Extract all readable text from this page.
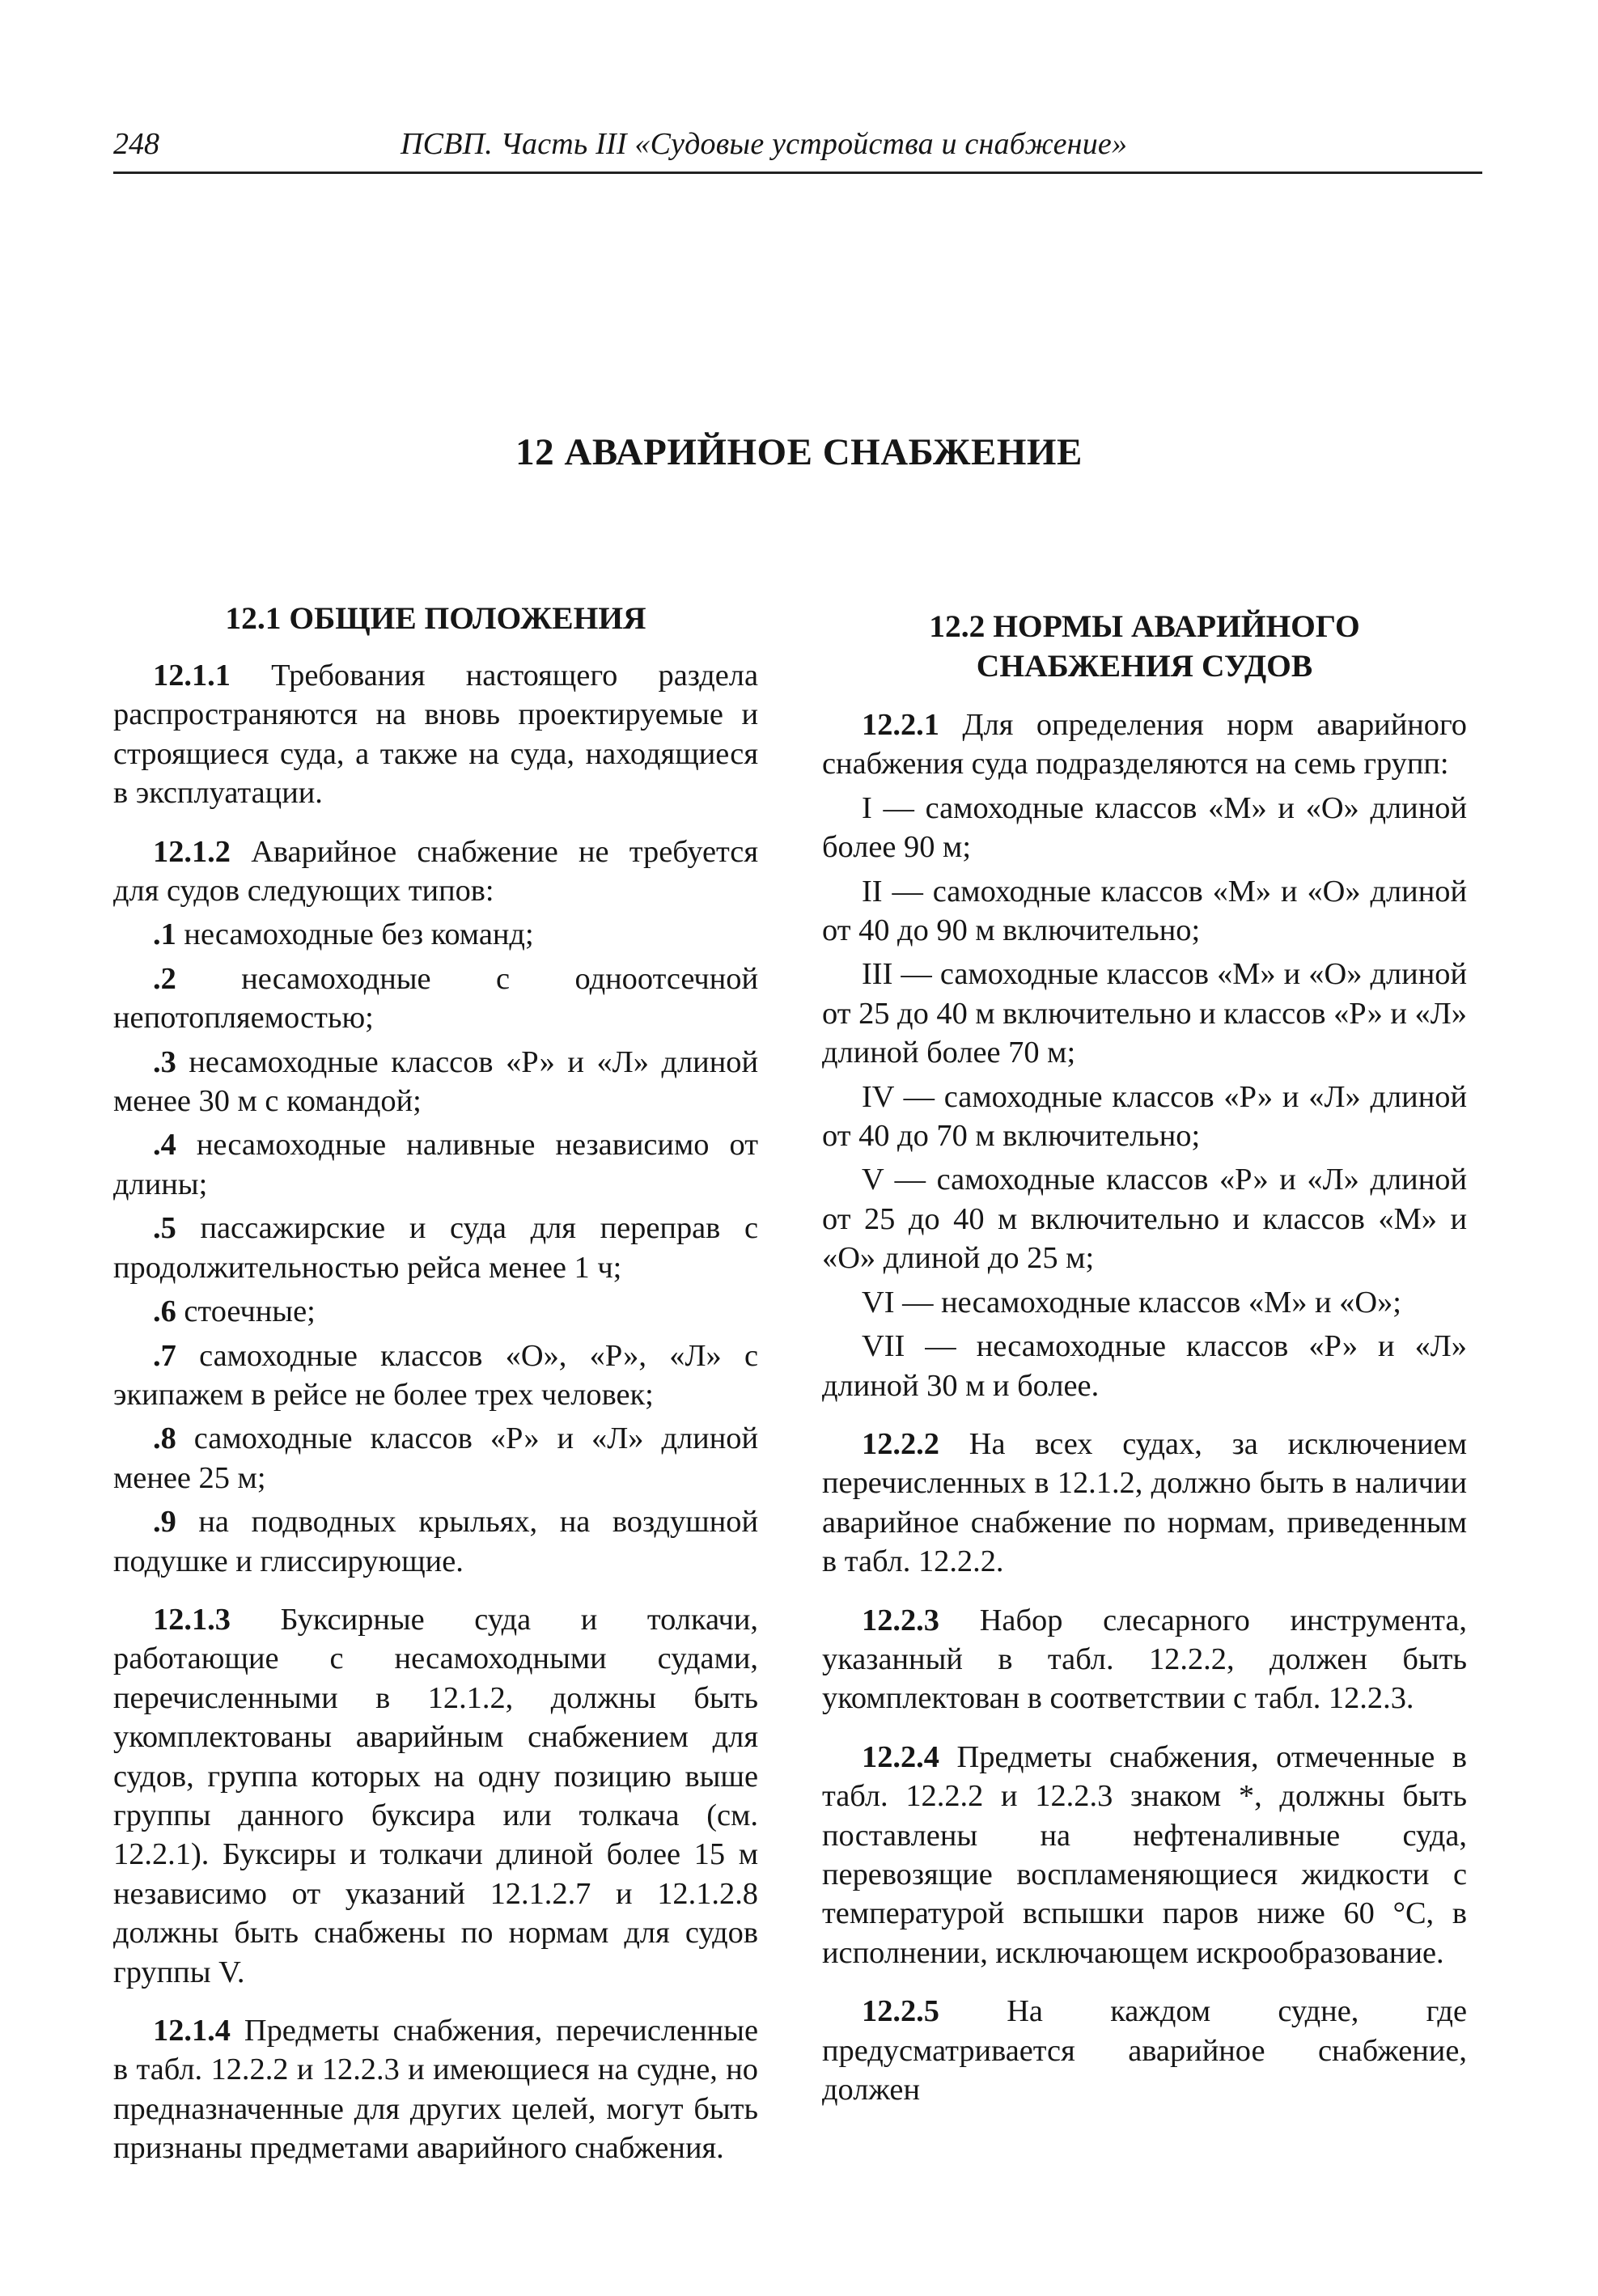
248	ПСВП. Часть III «Судовые устройства и снабжение»
12 АВАРИЙНОЕ СНАБЖЕНИЕ
12.1 ОБЩИЕ ПОЛОЖЕНИЯ

12.1.1 Требования настоящего раздела распространяются на вновь проектируемые и строящиеся суда, а также на суда, находящиеся в эксплуатации.

12.1.2 Аварийное снабжение не требуется для судов следующих типов:

.1 несамоходные без команд;

.2 несамоходные с одноотсечной непотопляемостью;

.3 несамоходные классов «Р» и «Л» длиной менее 30 м с командой;

.4 несамоходные наливные независимо от длины;

.5 пассажирские и суда для переправ с продолжительностью рейса менее 1 ч;

.6 стоечные;

.7 самоходные классов «О», «Р», «Л» с экипажем в рейсе не более трех человек;

.8 самоходные классов «Р» и «Л» длиной менее 25 м;

.9 на подводных крыльях, на воздушной подушке и глиссирующие.

12.1.3 Буксирные суда и толкачи, работающие с несамоходными судами, перечисленными в 12.1.2, должны быть укомплектованы аварийным снабжением для судов, группа которых на одну позицию выше группы данного буксира или толкача (см. 12.2.1). Буксиры и толкачи длиной более 15 м независимо от указаний 12.1.2.7 и 12.1.2.8 должны быть снабжены по нормам для судов группы V.

12.1.4 Предметы снабжения, перечисленные в табл. 12.2.2 и 12.2.3 и имеющиеся на судне, но предназначенные для других целей, могут быть признаны предметами аварийного снабжения.

12.2 НОРМЫ АВАРИЙНОГО
СНАБЖЕНИЯ СУДОВ

12.2.1 Для определения норм аварийного снабжения суда подразделяются на семь групп:

I — самоходные классов «М» и «О» длиной более 90 м;

II — самоходные классов «М» и «О» длиной от 40 до 90 м включительно;

III — самоходные классов «М» и «О» длиной от 25 до 40 м включительно и классов «Р» и «Л» длиной более 70 м;

IV — самоходные классов «Р» и «Л» длиной от 40 до 70 м включительно;

V — самоходные классов «Р» и «Л» длиной от 25 до 40 м включительно и классов «М» и «О» длиной до 25 м;

VI — несамоходные классов «М» и «О»;

VII — несамоходные классов «Р» и «Л» длиной 30 м и более.

12.2.2 На всех судах, за исключением перечисленных в 12.1.2, должно быть в наличии аварийное снабжение по нормам, приведенным в табл. 12.2.2.

12.2.3 Набор слесарного инструмента, указанный в табл. 12.2.2, должен быть укомплектован в соответствии с табл. 12.2.3.

12.2.4 Предметы снабжения, отмеченные в табл. 12.2.2 и 12.2.3 знаком *, должны быть поставлены на нефтеналивные суда, перевозящие воспламеняющиеся жидкости с температурой вспышки паров ниже 60 °С, в исполнении, исключающем искрообразование.

12.2.5 На каждом судне, где предусматривается аварийное снабжение, должен
